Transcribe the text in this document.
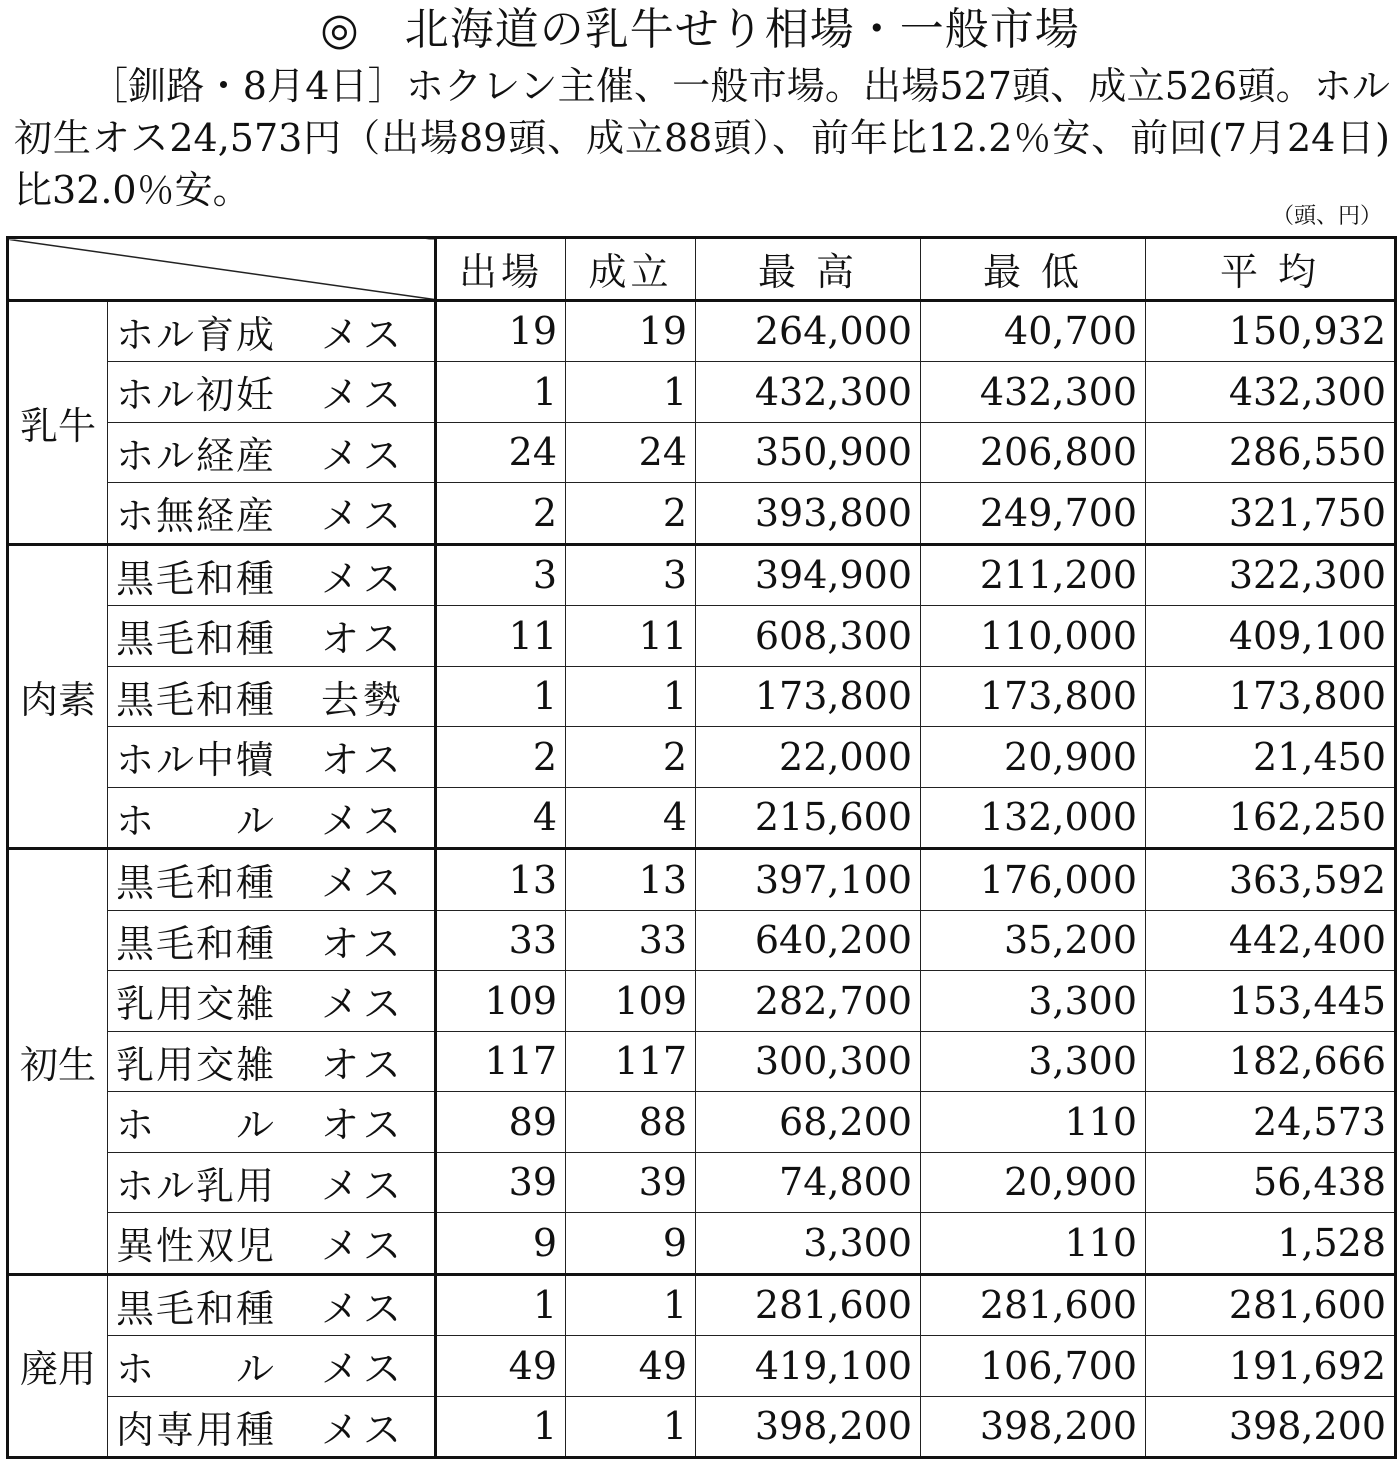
◎　北海道の乳牛せり相場・一般市場
［釧路・8月4日］ホクレン主催、一般市場。出場527頭、成立526頭。ホル初生オス24,573円（出場89頭、成立88頭）、前年比12.2％安、前回(7月24日)比32.0％安。
（頭、円）
		出場	成立	最 高	最 低	平 均
乳牛	ホル育成 メス	19	19	264,000	40,700	150,932
	ホル初妊 メス	1	1	432,300	432,300	432,300
	ホル経産 メス	24	24	350,900	206,800	286,550
	ホ無経産 メス	2	2	393,800	249,700	321,750
肉素	黒毛和種 メス	3	3	394,900	211,200	322,300
	黒毛和種 オス	11	11	608,300	110,000	409,100
	黒毛和種 去勢	1	1	173,800	173,800	173,800
	ホル中犢 オス	2	2	22,000	20,900	21,450
	ホ　　ル メス	4	4	215,600	132,000	162,250
初生	黒毛和種 メス	13	13	397,100	176,000	363,592
	黒毛和種 オス	33	33	640,200	35,200	442,400
	乳用交雑 メス	109	109	282,700	3,300	153,445
	乳用交雑 オス	117	117	300,300	3,300	182,666
	ホ　　ル オス	89	88	68,200	110	24,573
	ホル乳用 メス	39	39	74,800	20,900	56,438
	異性双児 メス	9	9	3,300	110	1,528
廃用	黒毛和種 メス	1	1	281,600	281,600	281,600
	ホ　　ル メス	49	49	419,100	106,700	191,692
	肉専用種 メス	1	1	398,200	398,200	398,200
